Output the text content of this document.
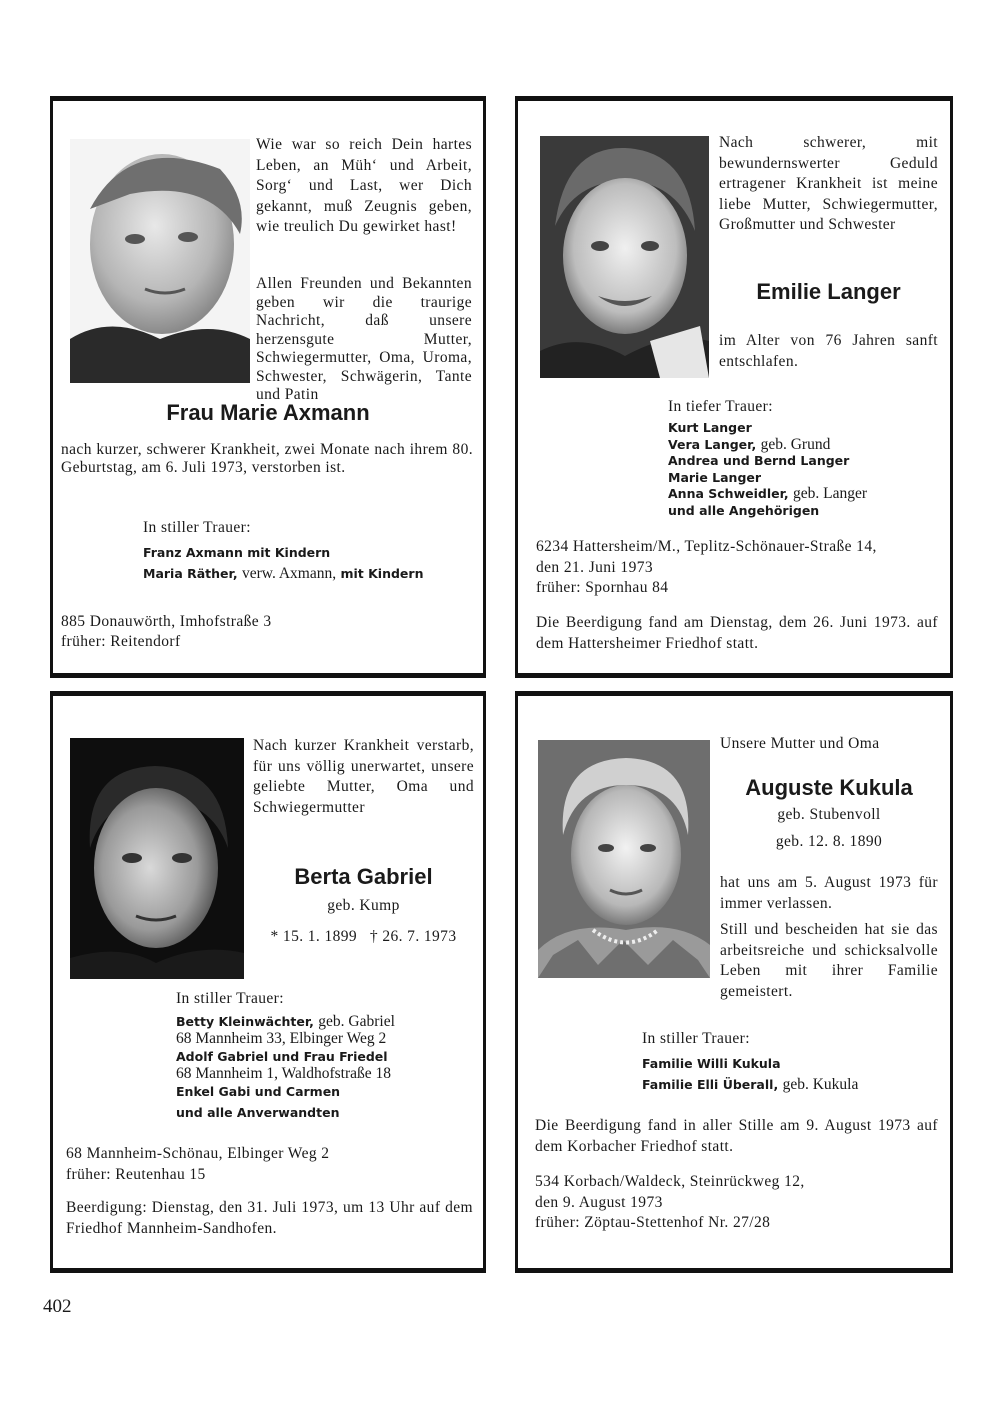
Wie war so reich Dein hartes Leben, an Müh‘ und Arbeit, Sorg‘ und Last, wer Dich gekannt, muß Zeugnis geben, wie treulich Du gewirket hast!
Allen Freunden und Bekannten geben wir die traurige Nachricht, daß unsere herzensgute Mutter, Schwiegermutter, Oma, Uroma, Schwester, Schwägerin, Tante und Patin
Frau Marie Axmann
nach kurzer, schwerer Krankheit, zwei Monate nach ihrem 80. Geburtstag, am 6. Juli 1973, verstorben ist.
In stiller Trauer:
Franz Axmann mit Kindern
Maria Räther, verw. Axmann, mit Kindern
885 Donauwörth, Imhofstraße 3
früher: Reitendorf
Nach schwerer, mit bewundernswerter Geduld ertragener Krankheit ist meine liebe Mutter, Schwiegermutter, Großmutter und Schwester
Emilie Langer
im Alter von 76 Jahren sanft entschlafen.
In tiefer Trauer:
Kurt Langer
Vera Langer, geb. Grund
Andrea und Bernd Langer
Marie Langer
Anna Schweidler, geb. Langer
und alle Angehörigen
6234 Hattersheim/M., Teplitz-Schönauer-Straße 14,
den 21. Juni 1973
früher: Spornhau 84
Die Beerdigung fand am Dienstag, dem 26. Juni 1973. auf dem Hattersheimer Friedhof statt.
Nach kurzer Krankheit verstarb, für uns völlig unerwartet, unsere geliebte Mutter, Oma und Schwiegermutter
Berta Gabriel
geb. Kump
* 15. 1. 1899   † 26. 7. 1973
In stiller Trauer:
Betty Kleinwächter, geb. Gabriel
68 Mannheim 33, Elbinger Weg 2
Adolf Gabriel und Frau Friedel
68 Mannheim 1, Waldhofstraße 18
Enkel Gabi und Carmen
und alle Anverwandten
68 Mannheim-Schönau, Elbinger Weg 2
früher: Reutenhau 15
Beerdigung: Dienstag, den 31. Juli 1973, um 13 Uhr auf dem Friedhof Mannheim-Sandhofen.
Unsere Mutter und Oma
Auguste Kukula
geb. Stubenvoll
geb. 12. 8. 1890
hat uns am 5. August 1973 für immer verlassen.
Still und bescheiden hat sie das arbeitsreiche und schicksalvolle Leben mit ihrer Familie gemeistert.
In stiller Trauer:
Familie Willi Kukula
Familie Elli Überall, geb. Kukula
Die Beerdigung fand in aller Stille am 9. August 1973 auf dem Korbacher Friedhof statt.
534 Korbach/Waldeck, Steinrückweg 12,
den 9. August 1973
früher: Zöptau-Stettenhof Nr. 27/28
402
